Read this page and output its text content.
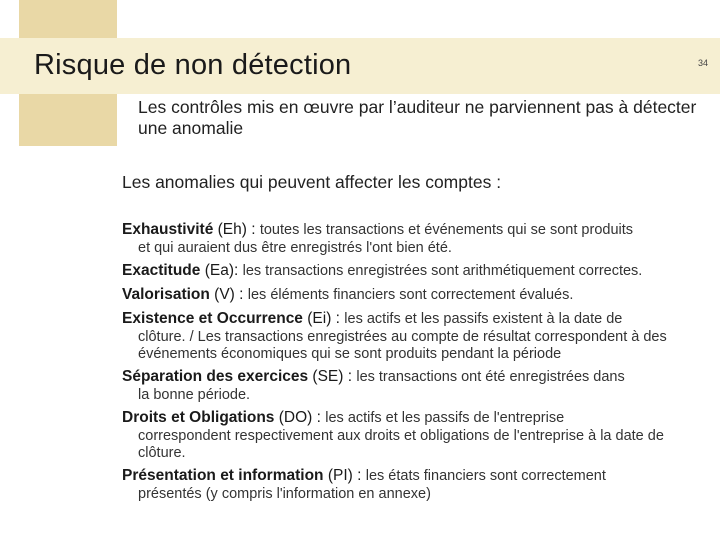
Risque de non détection	34
Les contrôles mis en œuvre par l’auditeur ne parviennent pas à détecter une anomalie
Les anomalies qui peuvent affecter les comptes :
Exhaustivité (Eh) : toutes les transactions et événements qui se sont produits
et qui auraient dus être enregistrés l'ont bien été.
Exactitude (Ea): les transactions enregistrées sont arithmétiquement correctes.
Valorisation (V) : les éléments financiers sont correctement évalués.
Existence et Occurrence (Ei) : les actifs et les passifs existent à la date de
clôture. / Les transactions enregistrées au compte de résultat correspondent à des événements économiques qui se sont produits pendant la période
Séparation des exercices (SE) : les transactions ont été enregistrées dans
la bonne période.
Droits et Obligations (DO) : les actifs et les passifs de l'entreprise
correspondent respectivement aux droits et obligations de l'entreprise à la date de clôture.
Présentation et information (PI) : les états financiers sont correctement
présentés (y compris l'information en annexe)
